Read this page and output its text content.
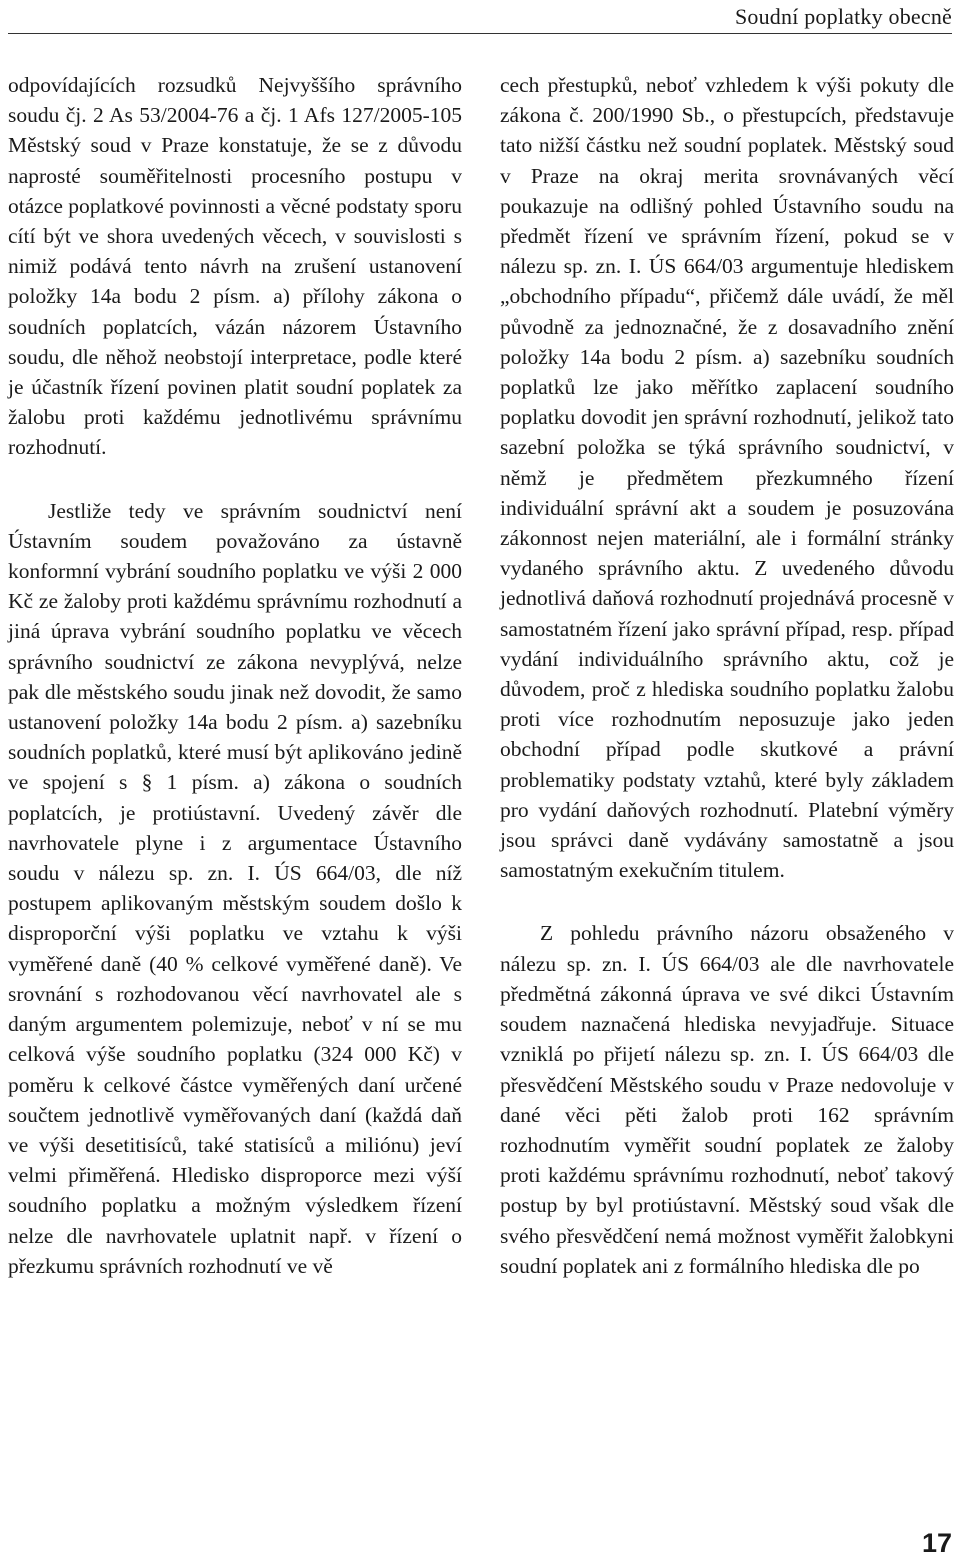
Soudní poplatky obecně

odpovídajících rozsudků Nejvyššího správního soudu čj. 2 As 53/2004-76 a čj. 1 Afs 127/2005-105 Městský soud v Praze konstatuje, že se z důvodu naprosté souměřitelnosti procesního postupu v otázce poplatkové povinnosti a věcné podstaty sporu cítí být ve shora uvedených věcech, v souvislosti s nimiž podává tento návrh na zrušení ustanovení položky 14a bodu 2 písm. a) přílohy zákona o soudních poplatcích, vázán názorem Ústavního soudu, dle něhož neobstojí interpretace, podle které je účastník řízení povinen platit soudní poplatek za žalobu proti každému jednotlivému správnímu rozhodnutí.

Jestliže tedy ve správním soudnictví není Ústavním soudem považováno za ústavně konformní vybrání soudního poplatku ve výši 2 000 Kč ze žaloby proti každému správnímu rozhodnutí a jiná úprava vybrání soudního poplatku ve věcech správního soudnictví ze zákona nevyplývá, nelze pak dle městského soudu jinak než dovodit, že samo ustanovení položky 14a bodu 2 písm. a) sazebníku soudních poplatků, které musí být aplikováno jedině ve spojení s § 1 písm. a) zákona o soudních poplatcích, je protiústavní. Uvedený závěr dle navrhovatele plyne i z argumentace Ústavního soudu v nálezu sp. zn. I. ÚS 664/03, dle níž postupem aplikovaným městským soudem došlo k disproporční výši poplatku ve vztahu k výši vyměřené daně (40 % celkové vyměřené daně). Ve srovnání s rozhodovanou věcí navrhovatel ale s daným argumentem polemizuje, neboť v ní se mu celková výše soudního poplatku (324 000 Kč) v poměru k celkové částce vyměřených daní určené součtem jednotlivě vyměřovaných daní (každá daň ve výši desetitisíců, také statisíců a miliónu) jeví velmi přiměřená. Hledisko disproporce mezi výší soudního poplatku a možným výsledkem řízení nelze dle navrhovatele uplatnit např. v řízení o přezkumu správních rozhodnutí ve vě

cech přestupků, neboť vzhledem k výši pokuty dle zákona č. 200/1990 Sb., o přestupcích, představuje tato nižší částku než soudní poplatek. Městský soud v Praze na okraj merita srovnávaných věcí poukazuje na odlišný pohled Ústavního soudu na předmět řízení ve správním řízení, pokud se v nálezu sp. zn. I. ÚS 664/03 argumentuje hlediskem „obchodního případu“, přičemž dále uvádí, že měl původně za jednoznačné, že z dosavadního znění položky 14a bodu 2 písm. a) sazebníku soudních poplatků lze jako měřítko zaplacení soudního poplatku dovodit jen správní rozhodnutí, jelikož tato sazební položka se týká správního soudnictví, v němž je předmětem přezkumného řízení individuální správní akt a soudem je posuzována zákonnost nejen materiální, ale i formální stránky vydaného správního aktu. Z uvedeného důvodu jednotlivá daňová rozhodnutí projednává procesně v samostatném řízení jako správní případ, resp. případ vydání individuálního správního aktu, což je důvodem, proč z hlediska soudního poplatku žalobu proti více rozhodnutím neposuzuje jako jeden obchodní případ podle skutkové a právní problematiky podstaty vztahů, které byly základem pro vydání daňových rozhodnutí. Platební výměry jsou správci daně vydávány samostatně a jsou samostatným exekučním titulem.

Z pohledu právního názoru obsaženého v nálezu sp. zn. I. ÚS 664/03 ale dle navrhovatele předmětná zákonná úprava ve své dikci Ústavním soudem naznačená hlediska nevyjadřuje. Situace vzniklá po přijetí nálezu sp. zn. I. ÚS 664/03 dle přesvědčení Městského soudu v Praze nedovoluje v dané věci pěti žalob proti 162 správním rozhodnutím vyměřit soudní poplatek ze žaloby proti každému správnímu rozhodnutí, neboť takový postup by byl protiústavní. Městský soud však dle svého přesvědčení nemá možnost vyměřit žalobkyni soudní poplatek ani z formálního hlediska dle po

17
